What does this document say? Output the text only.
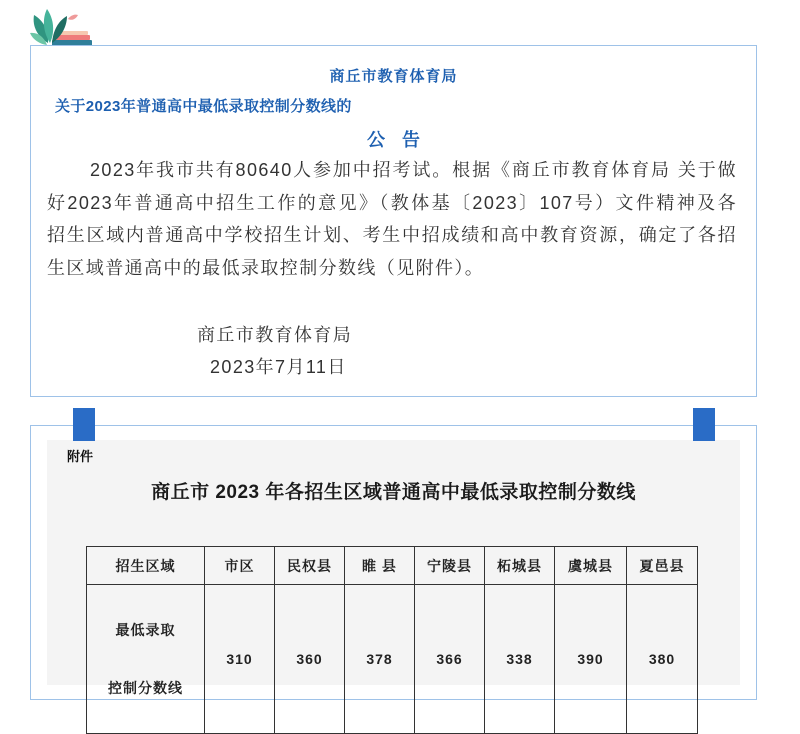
商丘市教育体育局
关于2023年普通高中最低录取控制分数线的
公 告
2023年我市共有80640人参加中招考试。根据《商丘市教育体育局 关于做
好2023年普通高中招生工作的意见》（教体基〔2023〕107号）文件精神及各
招生区域内普通高中学校招生计划、考生中招成绩和高中教育资源，确定了各招
生区域普通高中的最低录取控制分数线（见附件）。
商丘市教育体育局
2023年7月11日
附件
商丘市 2023 年各招生区域普通高中最低录取控制分数线
招生区域	市区	民权县	睢 县	宁陵县	柘城县	虞城县	夏邑县

最低录取

控制分数线	310	360	378	366	338	390	380
